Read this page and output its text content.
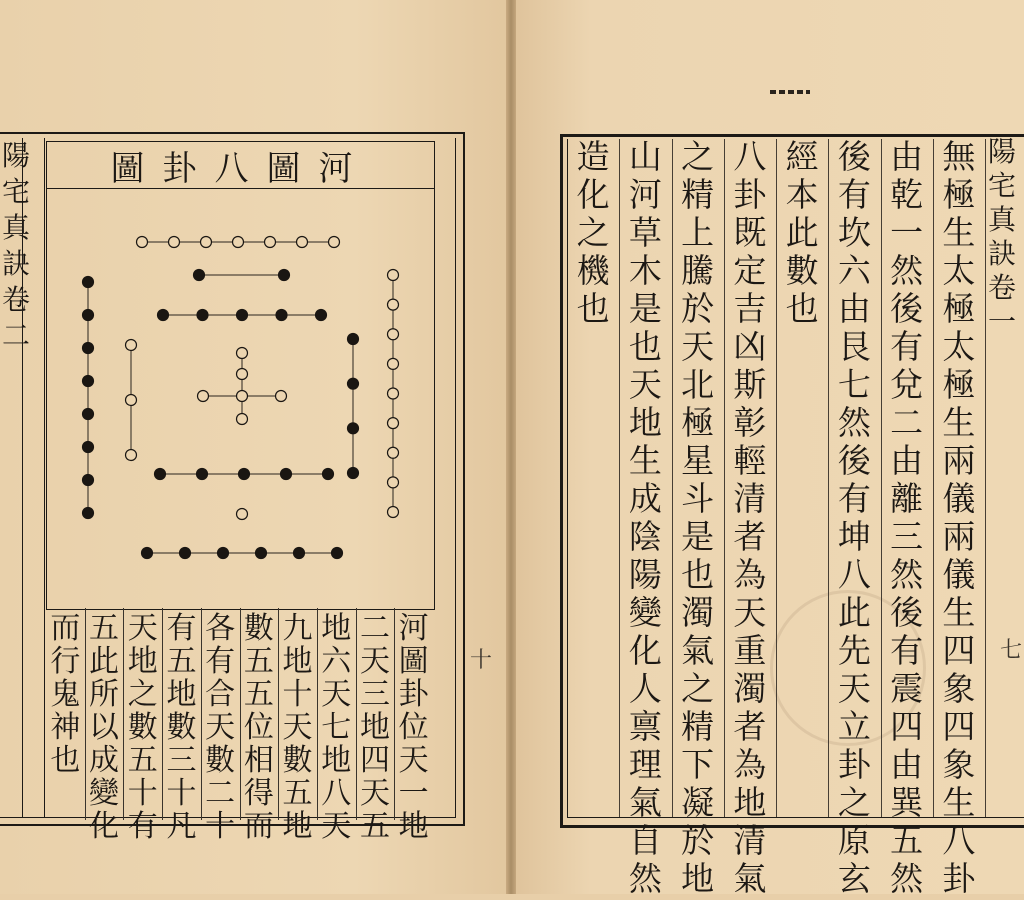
陽
宅
真
訣
卷
二
河圖八卦圖
河
圖
卦
位
天
一
地
二
天
三
地
四
天
五
地
六
天
七
地
八
天
九
地
十
天
數
五
地
數
五
五
位
相
得
而
各
有
合
天
數
二
十
有
五
地
數
三
十
凡
天
地
之
數
五
十
有
五
此
所
以
成
變
化
而
行
鬼
神
也
十
陽
宅
真
訣
卷
一
七
無
極
生
太
極
太
極
生
兩
儀
兩
儀
生
四
象
四
象
生
八
卦
由
乾
一
然
後
有
兌
二
由
離
三
然
後
有
震
四
由
巽
五
然
後
有
坎
六
由
艮
七
然
後
有
坤
八
此
先
天
立
卦
之
原
玄
經
本
此
數
也
八
卦
既
定
吉
凶
斯
彰
輕
清
者
為
天
重
濁
者
為
地
清
氣
之
精
上
騰
於
天
北
極
星
斗
是
也
濁
氣
之
精
下
凝
於
地
山
河
草
木
是
也
天
地
生
成
陰
陽
變
化
人
禀
理
氣
自
然
造
化
之
機
也
